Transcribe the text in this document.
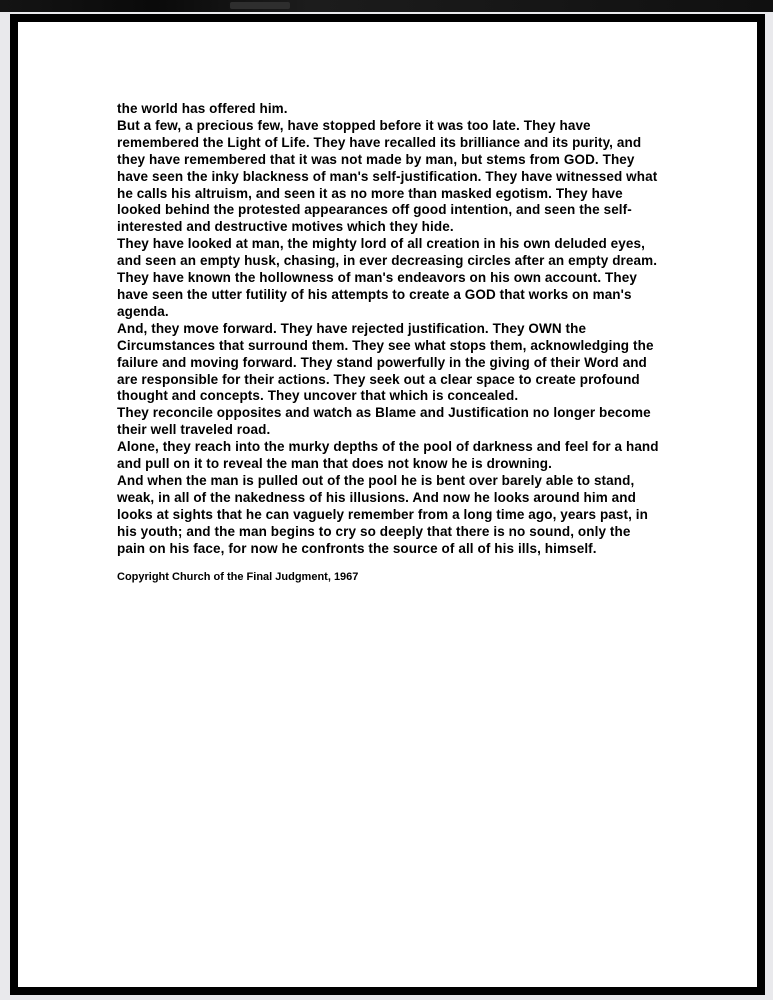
the world has offered him.

But a few, a precious few, have stopped before it was too late. They have remembered the Light of Life. They have recalled its brilliance and its purity, and they have remembered that it was not made by man, but stems from GOD. They have seen the inky blackness of man's self-justification. They have witnessed what he calls his altruism, and seen it as no more than masked egotism. They have looked behind the protested appearances off good intention, and seen the self-interested and destructive motives which they hide.

They have looked at man, the mighty lord of all creation in his own deluded eyes, and seen an empty husk, chasing, in ever decreasing circles after an empty dream. They have known the hollowness of man's endeavors on his own account. They have seen the utter futility of his attempts to create a GOD that works on man's agenda.

And, they move forward. They have rejected justification. They OWN the Circumstances that surround them. They see what stops them, acknowledging the failure and moving forward. They stand powerfully in the giving of their Word and are responsible for their actions. They seek out a clear space to create profound thought and concepts. They uncover that which is concealed.

They reconcile opposites and watch as Blame and Justification no longer become their well traveled road.

Alone, they reach into the murky depths of the pool of darkness and feel for a hand and pull on it to reveal the man that does not know he is drowning.

And when the man is pulled out of the pool he is bent over barely able to stand, weak, in all of the nakedness of his illusions. And now he looks around him and looks at sights that he can vaguely remember from a long time ago, years past, in his youth; and the man begins to cry so deeply that there is no sound, only the pain on his face, for now he confronts the source of all of his ills, himself.

Copyright Church of the Final Judgment, 1967
